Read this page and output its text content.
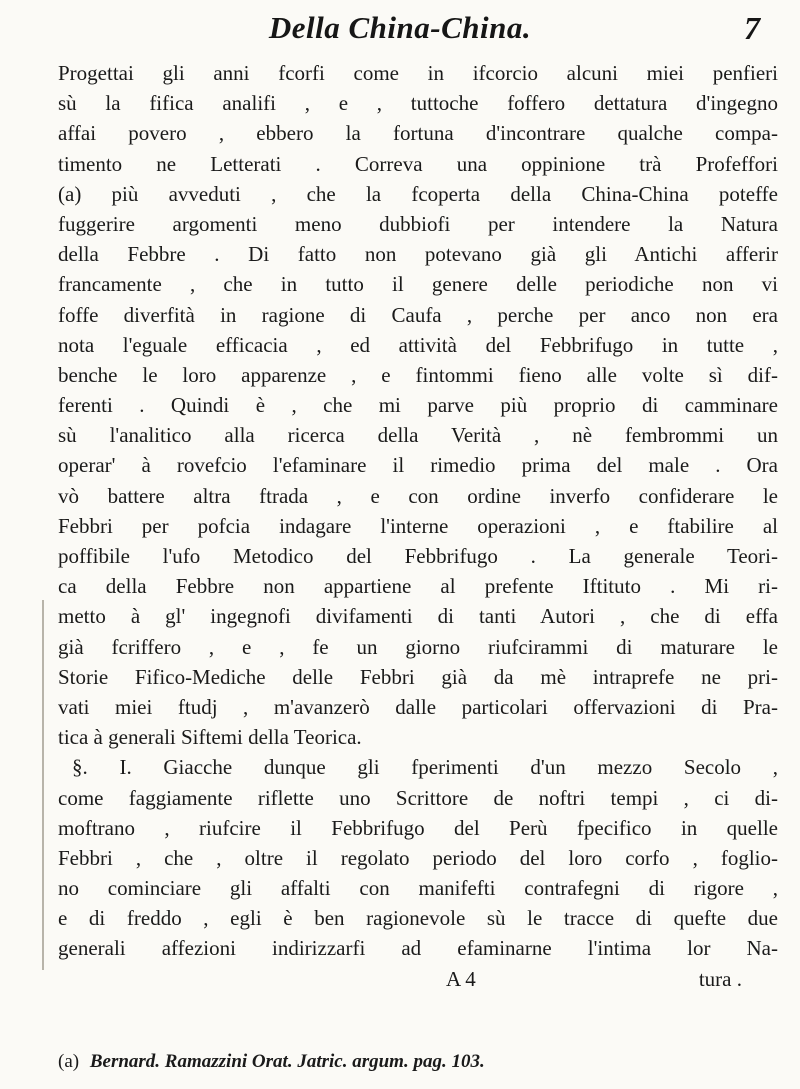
Della China-China.	7
Progettai gli anni fcorfi come in ifcorcio alcuni miei penfieri
sù la fifica analifi , e , tuttoche foffero dettatura d'ingegno
affai povero , ebbero la fortuna d'incontrare qualche compa-
timento ne Letterati . Correva una oppinione trà Profeffori
(a) più avveduti , che la fcoperta della China-China poteffe
fuggerire argomenti meno dubbiofi per intendere la Natura
della Febbre . Di fatto non potevano già gli Antichi afferir
francamente , che in tutto il genere delle periodiche non vi
foffe diverfità in ragione di Caufa , perche per anco non era
nota l'eguale efficacia , ed attività del Febbrifugo in tutte ,
benche le loro apparenze , e fintommi fieno alle volte sì dif-
ferenti . Quindi è , che mi parve più proprio di camminare
sù l'analitico alla ricerca della Verità , nè fembrommi un
operar' à rovefcio l'efaminare il rimedio prima del male . Ora
vò battere altra ftrada , e con ordine inverfo confiderare le
Febbri per pofcia indagare l'interne operazioni , e ftabilire al
poffibile l'ufo Metodico del Febbrifugo . La generale Teori-
ca della Febbre non appartiene al prefente Iftituto . Mi ri-
metto à gl' ingegnofi divifamenti di tanti Autori , che di effa
già fcriffero , e , fe un giorno riufcirammi di maturare le
Storie Fifico-Mediche delle Febbri già da mè intraprefe ne pri-
vati miei ftudj , m'avanzerò dalle particolari offervazioni di Pra-
tica à generali Siftemi della Teorica.
§. I. Giacche dunque gli fperimenti d'un mezzo Secolo ,
come faggiamente riflette uno Scrittore de noftri tempi , ci di-
moftrano , riufcire il Febbrifugo del Perù fpecifico in quelle
Febbri , che , oltre il regolato periodo del loro corfo , foglio-
no cominciare gli affalti con manifefti contrafegni di rigore ,
e di freddo , egli è ben ragionevole sù le tracce di quefte due
generali affezioni indirizzarfi ad efaminarne l'intima lor Na-
A 4	tura .
(a) Bernard. Ramazzini Orat. Jatric. argum. pag. 103.
